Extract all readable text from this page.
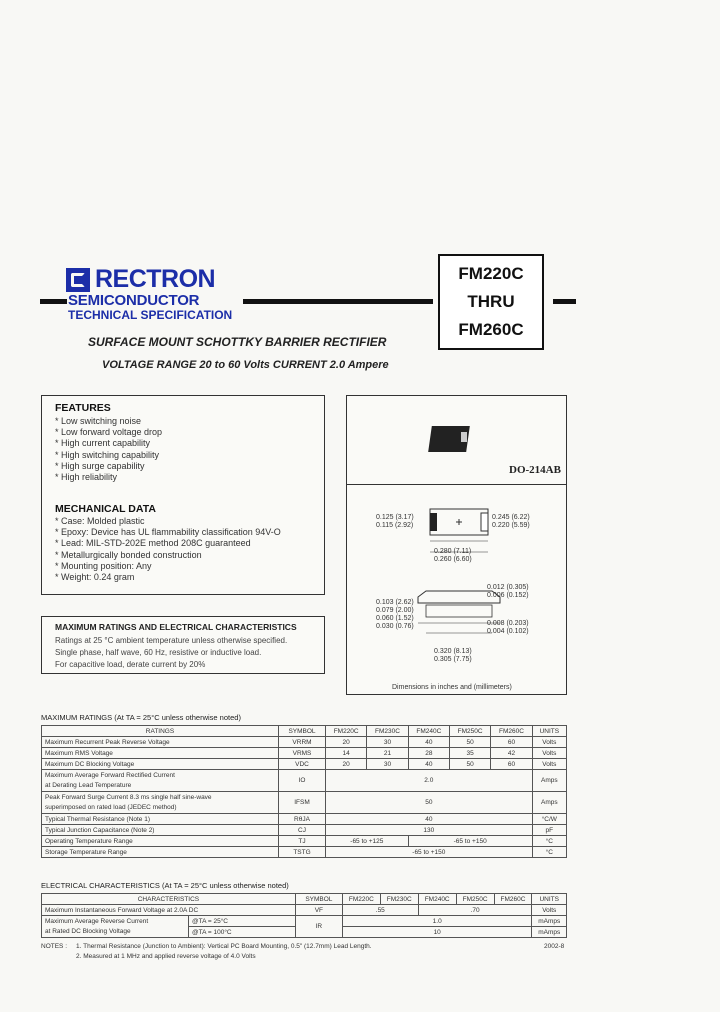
RECTRON
SEMICONDUCTOR
TECHNICAL SPECIFICATION
FM220C
THRU
FM260C
SURFACE MOUNT SCHOTTKY BARRIER RECTIFIER
VOLTAGE RANGE 20 to 60 Volts CURRENT 2.0 Ampere
FEATURES
* Low switching noise
* Low forward voltage drop
* High current capability
* High switching capability
* High surge capability
* High reliability
MECHANICAL DATA
* Case: Molded plastic
* Epoxy: Device has UL flammability classification 94V-O
* Lead: MIL-STD-202E method 208C guaranteed
* Metallurgically bonded construction
* Mounting position: Any
* Weight: 0.24 gram
MAXIMUM RATINGS AND ELECTRICAL CHARACTERISTICS
Ratings at 25 °C ambient temperature unless otherwise specified.
Single phase, half wave, 60 Hz, resistive or inductive load.
For capacitive load, derate current by 20%
DO-214AB
0.125 (3.17)
0.115 (2.92)
0.245 (6.22)
0.220 (5.59)
0.280 (7.11)
0.260 (6.60)
0.012 (0.305)
0.006 (0.152)
0.103 (2.62)
0.079 (2.00)
0.060 (1.52)
0.030 (0.76)	0.008 (0.203)
0.004 (0.102)
0.320 (8.13)
0.305 (7.75)
Dimensions in inches and (millimeters)
MAXIMUM RATINGS (At TA = 25°C unless otherwise noted)
RATINGS	SYMBOL	FM220C	FM230C	FM240C	FM250C	FM260C	UNITS
Maximum Recurrent Peak Reverse Voltage	VRRM	20	30	40	50	60	Volts
Maximum RMS Voltage	VRMS	14	21	28	35	42	Volts
Maximum DC Blocking Voltage	VDC	20	30	40	50	60	Volts

Maximum Average Forward Rectified Current
at Derating Lead Temperature	IO	2.0					Amps

Peak Forward Surge Current 8.3 ms single half sine-wave
superimposed on rated load (JEDEC method)	IFSM	50					Amps
Typical Thermal Resistance (Note 1)	RθJA	40					°C/W
Typical Junction Capacitance (Note 2)	CJ	130					pF
Operating Temperature Range	TJ	-65 to +125		-65 to +150			°C
Storage Temperature Range	TSTG	-65 to +150					°C
ELECTRICAL CHARACTERISTICS (At TA = 25°C unless otherwise noted)
CHARACTERISTICS		SYMBOL	FM220C	FM230C	FM240C	FM250C	FM260C	UNITS
Maximum Instantaneous Forward Voltage at 2.0A DC		VF	.55		.70			Volts

Maximum Average Reverse Current
at Rated DC Blocking Voltage	@TA = 25°C	IR	1.0					mAmps
	@TA = 100°C		10					mAmps
NOTES : 1. Thermal Resistance (Junction to Ambient): Vertical PC Board Mounting, 0.5" (12.7mm) Lead Length.
2. Measured at 1 MHz and applied reverse voltage of 4.0 Volts
2002-8
